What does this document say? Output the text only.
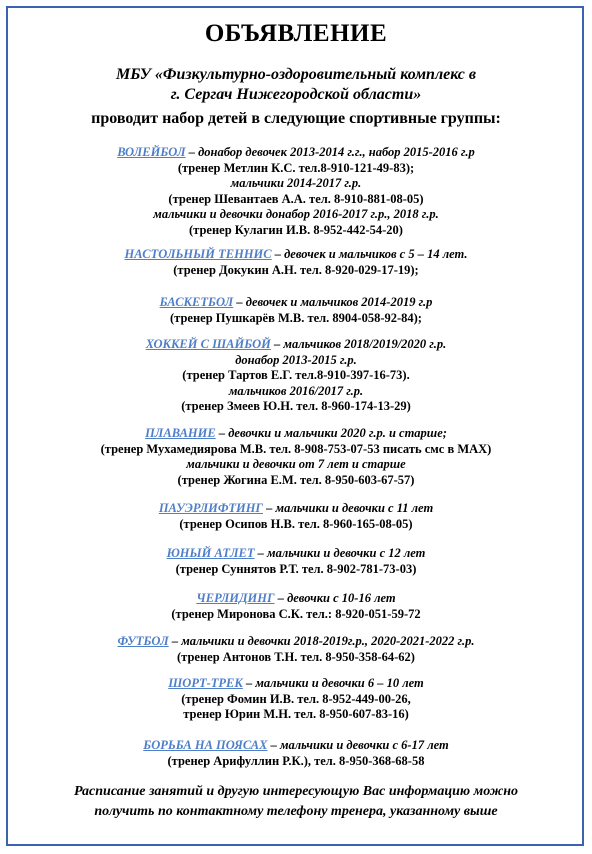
ОБЪЯВЛЕНИЕ
МБУ «Физкультурно-оздоровительный комплекс в
г. Сергач Нижегородской области»
проводит набор детей в следующие спортивные группы:
ВОЛЕЙБОЛ – донабор девочек 2013-2014 г.г., набор 2015-2016 г.р
(тренер Метлин К.С. тел.8-910-121-49-83);
мальчики 2014-2017 г.р.
(тренер Шевантаев А.А. тел. 8-910-881-08-05)
мальчики и девочки донабор 2016-2017 г.р., 2018 г.р.
(тренер Кулагин И.В. 8-952-442-54-20)
НАСТОЛЬНЫЙ ТЕННИС – девочек и мальчиков с 5 – 14 лет.
(тренер Докукин А.Н. тел. 8-920-029-17-19);
БАСКЕТБОЛ – девочек и мальчиков 2014-2019 г.р
(тренер Пушкарёв М.В. тел. 8904-058-92-84);
ХОККЕЙ С ШАЙБОЙ – мальчиков 2018/2019/2020 г.р.
донабор 2013-2015 г.р.
(тренер Тартов Е.Г. тел.8-910-397-16-73).
мальчиков 2016/2017 г.р.
(тренер Змеев Ю.Н. тел. 8-960-174-13-29)
ПЛАВАНИЕ – девочки и мальчики 2020 г.р. и старше;
(тренер Мухамедиярова М.В. тел. 8-908-753-07-53 писать смс в MAX)
мальчики и девочки от 7 лет и старше
(тренер Жогина Е.М. тел. 8-950-603-67-57)
ПАУЭРЛИФТИНГ – мальчики и девочки с 11 лет
(тренер Осипов Н.В. тел. 8-960-165-08-05)
ЮНЫЙ АТЛЕТ – мальчики и девочки с 12 лет
(тренер Суннятов Р.Т. тел. 8-902-781-73-03)
ЧЕРЛИДИНГ – девочки с 10-16 лет
(тренер Миронова С.К. тел.: 8-920-051-59-72
ФУТБОЛ – мальчики и девочки 2018-2019г.р., 2020-2021-2022 г.р.
(тренер Антонов Т.Н. тел. 8-950-358-64-62)
ШОРТ-ТРЕК – мальчики и девочки 6 – 10 лет
(тренер Фомин И.В. тел. 8-952-449-00-26,
тренер Юрин М.Н. тел. 8-950-607-83-16)
БОРЬБА НА ПОЯСАХ – мальчики и девочки с 6-17 лет
(тренер Арифуллин Р.К.), тел. 8-950-368-68-58
Расписание занятий и другую интересующую Вас информацию можно
получить по контактному телефону тренера, указанному выше
